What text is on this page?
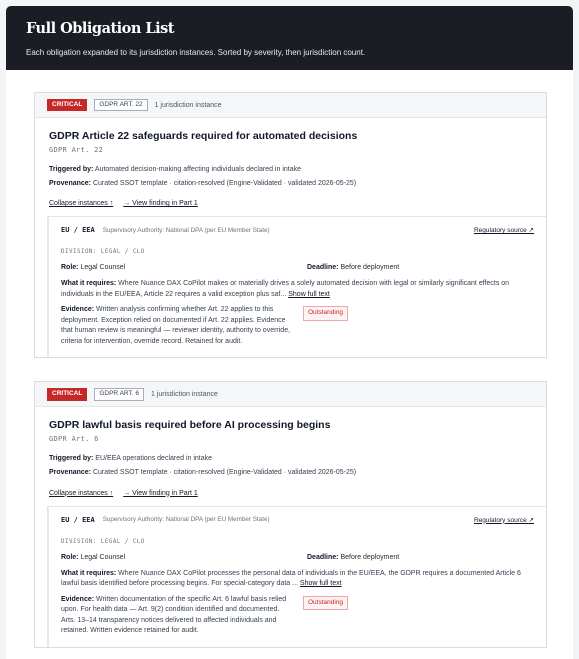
Full Obligation List

Each obligation expanded to its jurisdiction instances. Sorted by severity, then jurisdiction count.

CRITICAL	GDPR ART. 22	1 jurisdiction instance
GDPR Article 22 safeguards required for automated decisions
GDPR Art. 22
Triggered by: Automated decision-making affecting individuals declared in intake
Provenance: Curated SSOT template · citation-resolved (Engine-Validated · validated 2026-05-25)
Collapse instances ↑ → View finding in Part 1
EU / EEA Supervisory Authority: National DPA (per EU Member State)	Regulatory source ↗
DIVISION: LEGAL / CLO
Role: Legal Counsel	Deadline: Before deployment
What it requires: Where Nuance DAX CoPilot makes or materially drives a solely automated decision with legal or similarly significant effects on individuals in the EU/EEA, Article 22 requires a valid exception plus saf... Show full text
Evidence: Written analysis confirming whether Art. 22 applies to this deployment. Exception relied on documented if Art. 22 applies. Evidence that human review is meaningful — reviewer identity, authority to override, criteria for intervention, override record. Retained for audit.
Outstanding
CRITICAL	GDPR ART. 6	1 jurisdiction instance
GDPR lawful basis required before AI processing begins
GDPR Art. 6
Triggered by: EU/EEA operations declared in intake
Provenance: Curated SSOT template · citation-resolved (Engine-Validated · validated 2026-05-25)
Collapse instances ↑ → View finding in Part 1
EU / EEA Supervisory Authority: National DPA (per EU Member State)	Regulatory source ↗
DIVISION: LEGAL / CLO
Role: Legal Counsel	Deadline: Before deployment
What it requires: Where Nuance DAX CoPilot processes the personal data of individuals in the EU/EEA, the GDPR requires a documented Article 6 lawful basis identified before processing begins. For special-category data ... Show full text
Evidence: Written documentation of the specific Art. 6 lawful basis relied upon. For health data — Art. 9(2) condition identified and documented. Arts. 13–14 transparency notices delivered to affected individuals and retained. Written evidence retained for audit.
Outstanding
